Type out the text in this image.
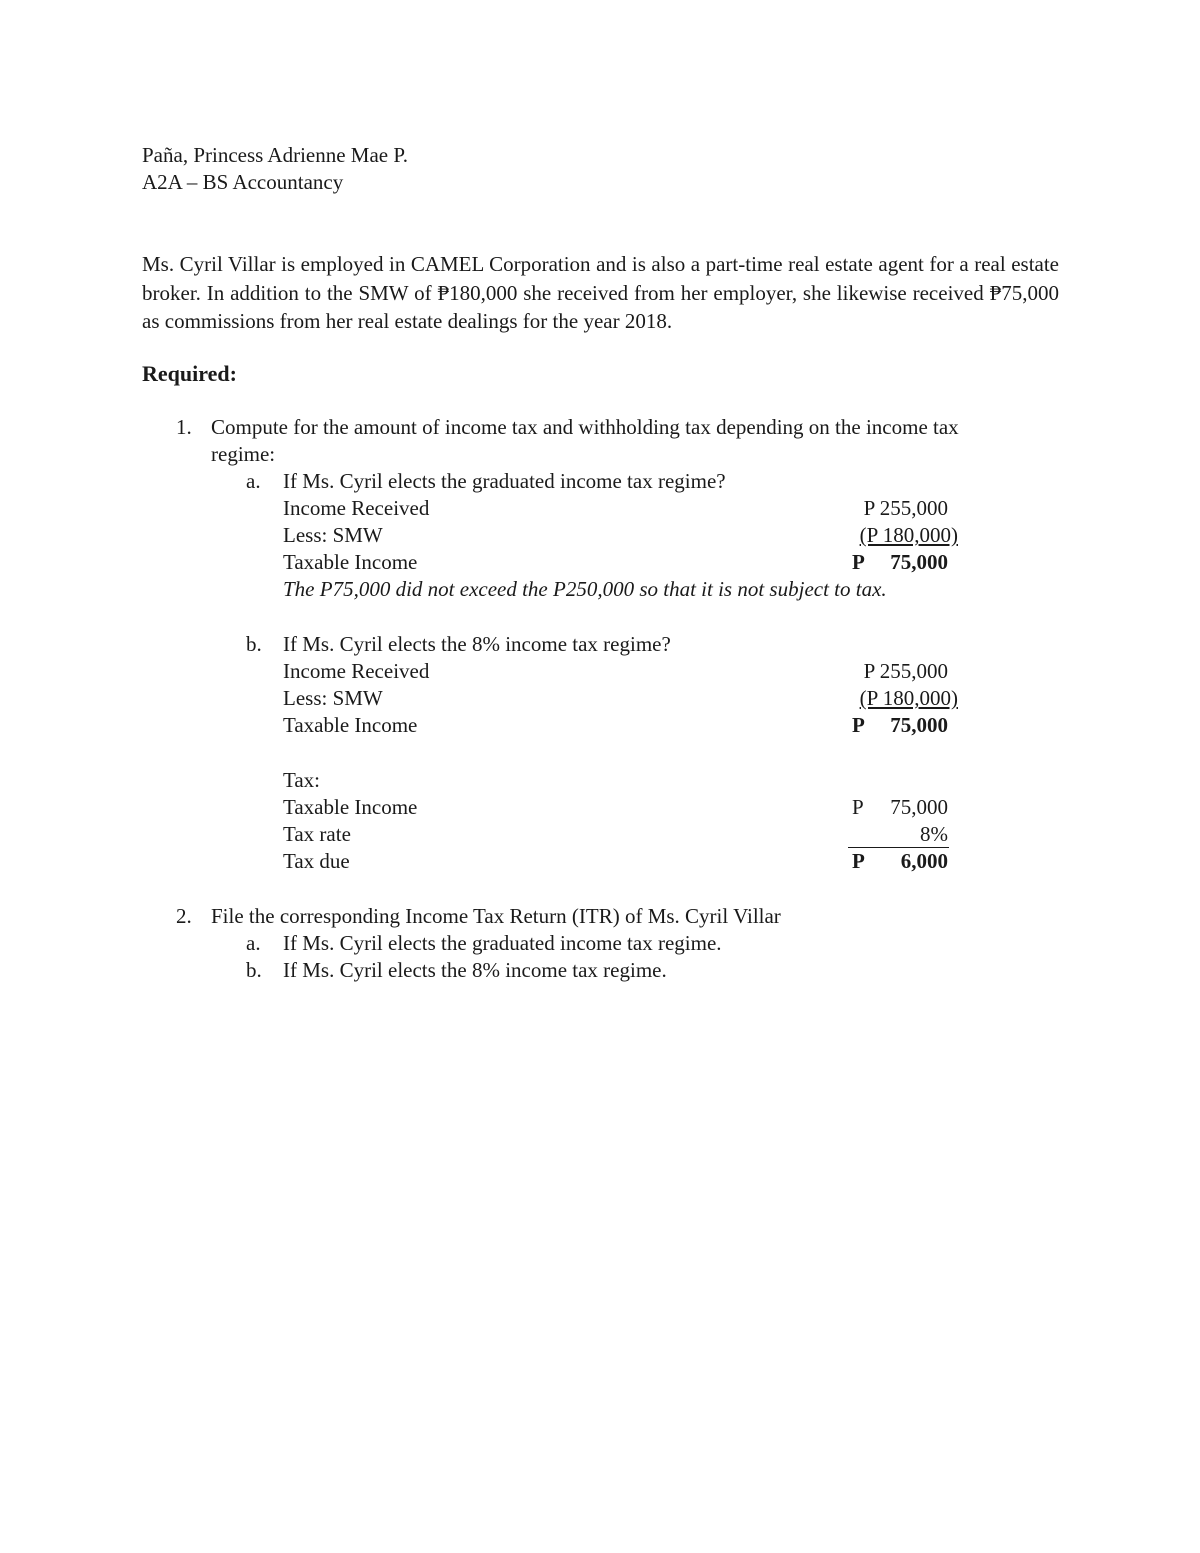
Paña, Princess Adrienne Mae P.
A2A – BS Accountancy
Ms. Cyril Villar is employed in CAMEL Corporation and is also a part-time real estate agent for a real estate broker. In addition to the SMW of ₱180,000 she received from her employer, she likewise received ₱75,000 as commissions from her real estate dealings for the year 2018.
Required:
1. Compute for the amount of income tax and withholding tax depending on the income tax
regime:
a. If Ms. Cyril elects the graduated income tax regime?
Income Received	P 255,000
Less: SMW	(P 180,000)
Taxable Income	P	75,000
The P75,000 did not exceed the P250,000 so that it is not subject to tax.
b. If Ms. Cyril elects the 8% income tax regime?
Income Received	P 255,000
Less: SMW	(P 180,000)
Taxable Income	P	75,000
Tax:
Taxable Income	P	75,000
Tax rate	8%
Tax due	P	6,000
2. File the corresponding Income Tax Return (ITR) of Ms. Cyril Villar
a. If Ms. Cyril elects the graduated income tax regime.
b. If Ms. Cyril elects the 8% income tax regime.
